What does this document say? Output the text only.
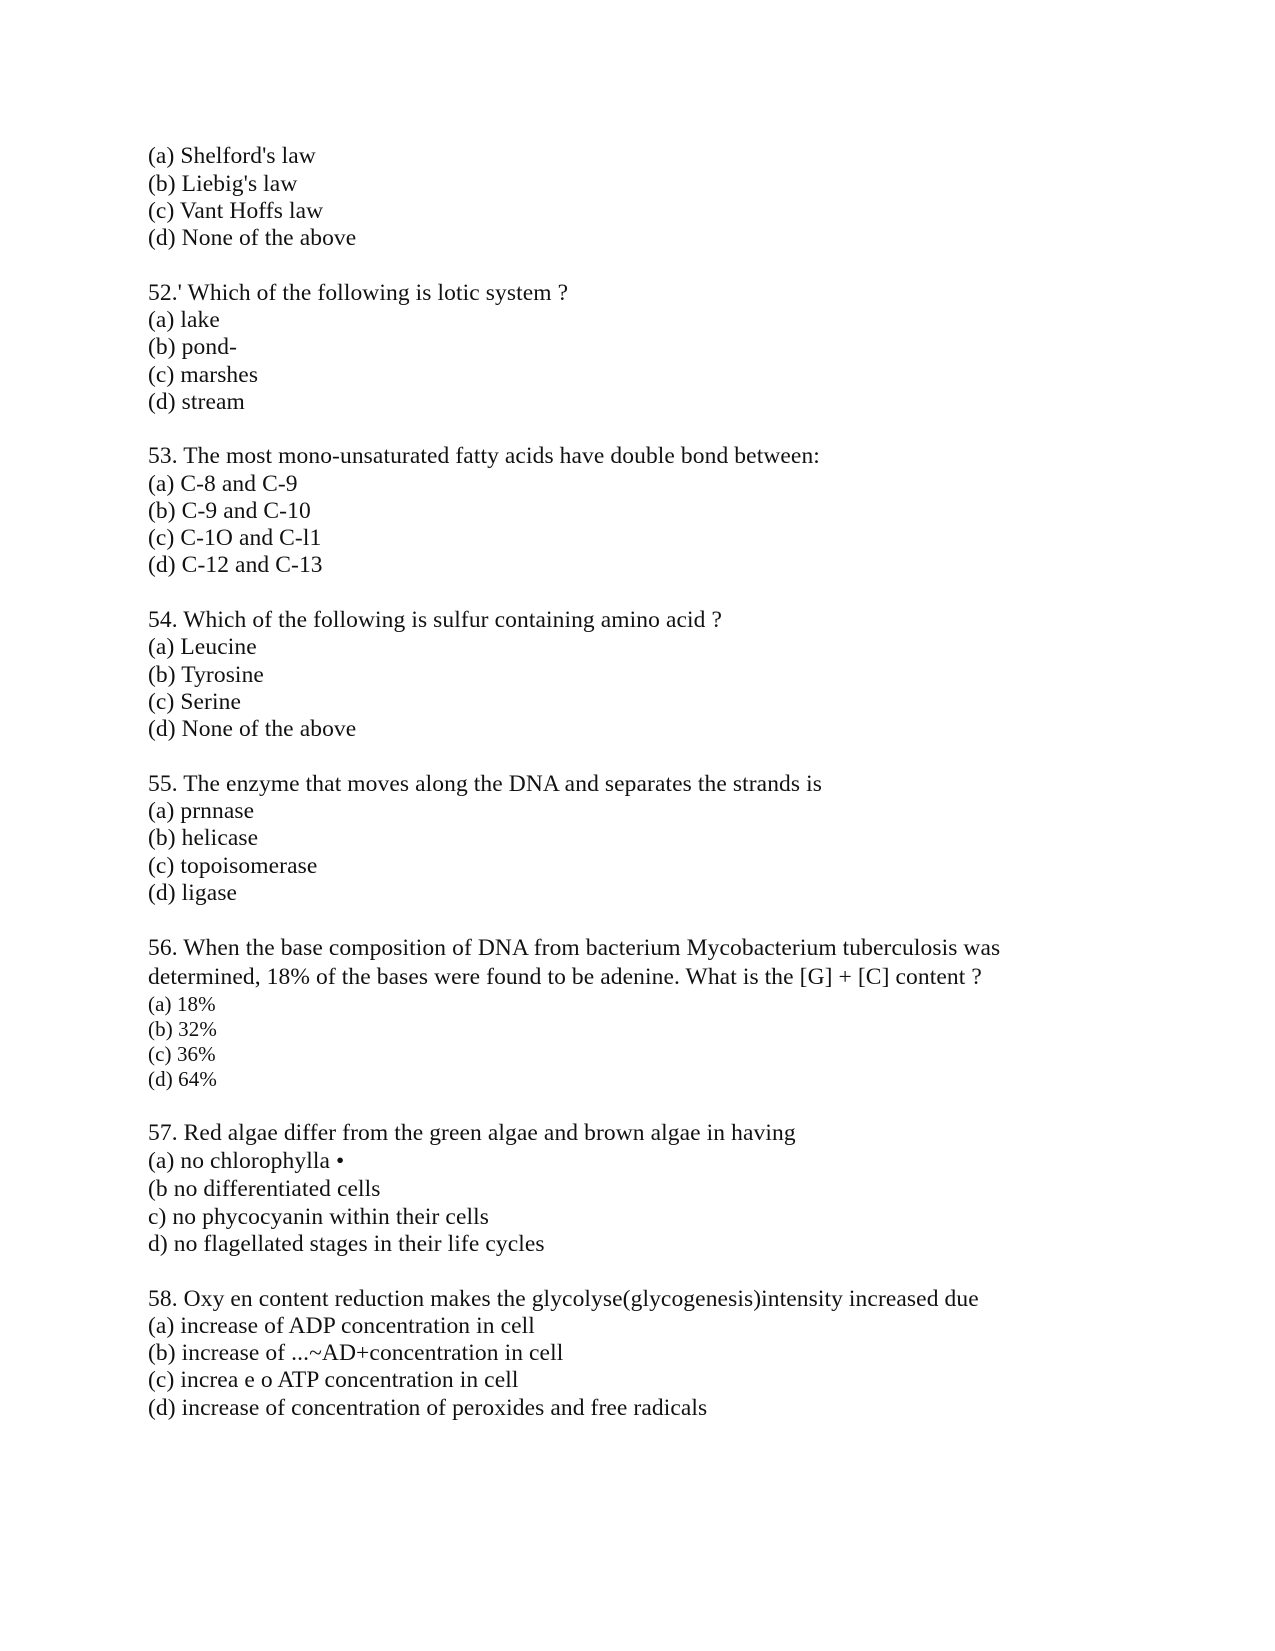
(a) Shelford's law
(b) Liebig's law
(c) Vant Hoffs law
(d) None of the above
52.' Which of the following is lotic system ?
(a) lake
(b) pond-
(c) marshes
(d) stream
53. The most mono-unsaturated fatty acids have double bond between:
(a) C-8 and C-9
(b) C-9 and C-10
(c) C-1O and C-l1
(d) C-12 and C-13
54. Which of the following is sulfur containing amino acid ?
(a) Leucine
(b) Tyrosine
(c) Serine
(d) None of the above
55. The enzyme that moves along the DNA and separates the strands is
(a) prnnase
(b) helicase
(c) topoisomerase
(d) ligase
56. When the base composition of DNA from bacterium Mycobacterium tuberculosis was
determined, 18% of the bases were found to be adenine. What is the [G] + [C] content ?
(a) 18%
(b) 32%
(c) 36%
(d) 64%
57. Red algae differ from the green algae and brown algae in having
(a) no chlorophylla •
(b no differentiated cells
c) no phycocyanin within their cells
d) no flagellated stages in their life cycles
58. Oxy en content reduction makes the glycolyse(glycogenesis)intensity increased due
(a) increase of ADP concentration in cell
(b) increase of ...~AD+concentration in cell
(c) increa e o ATP concentration in cell
(d) increase of concentration of peroxides and free radicals
